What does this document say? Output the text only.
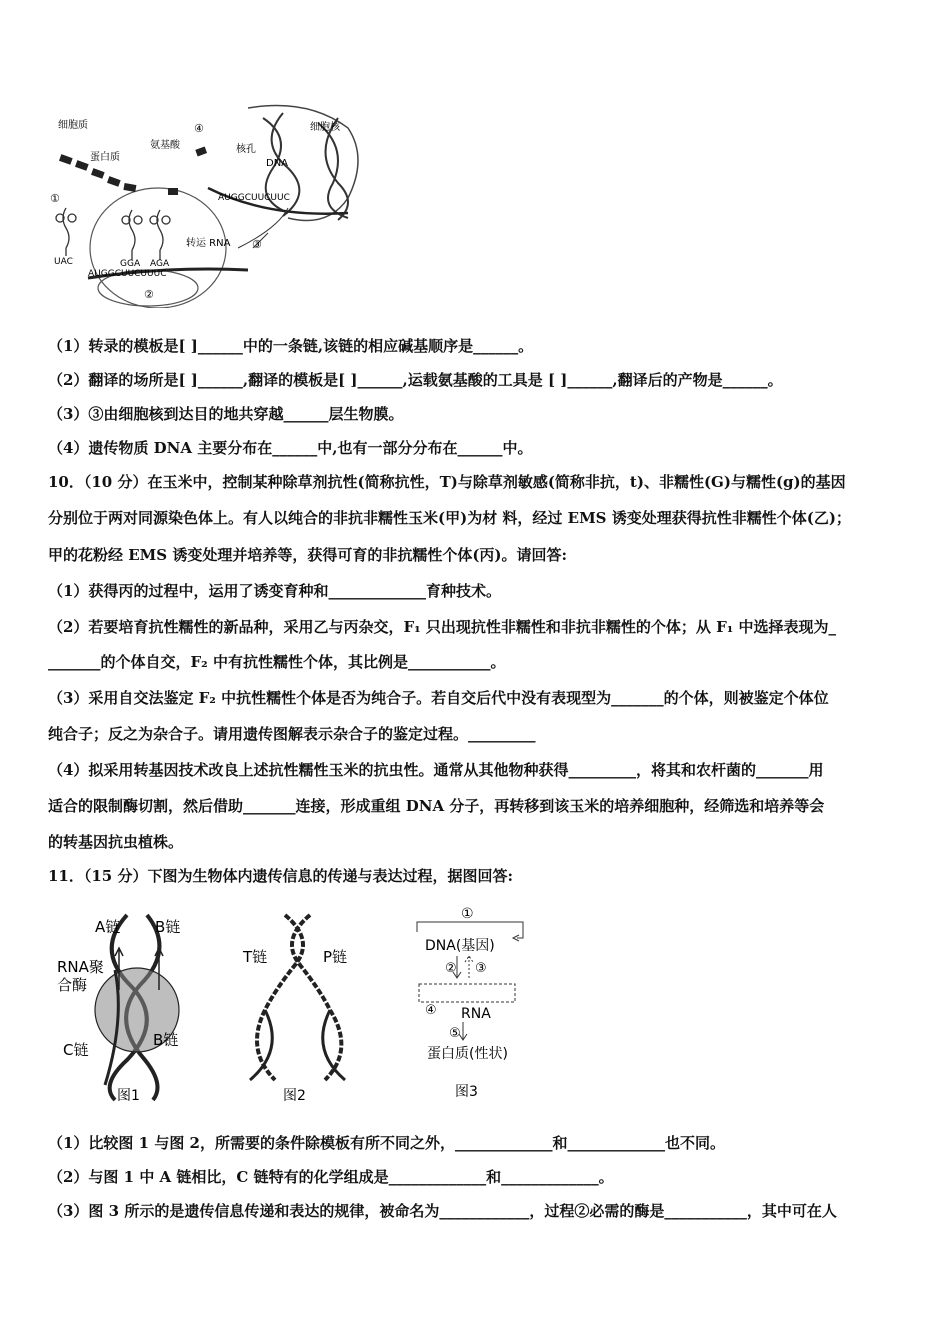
细胞质
蛋白质
氨基酸	核孔
细胞核
DNA
转运 RNA
AUGGCUUCUUC
AUGGCUUCUUUC
UAC	GGA AGA
①
②
③
④
（1）转录的模板是[ ]______中的一条链,该链的相应碱基顺序是______。
（2）翻译的场所是[ ]______,翻译的模板是[ ]______,运载氨基酸的工具是 [ ]______,翻译后的产物是______。
（3）③由细胞核到达目的地共穿越______层生物膜。
（4）遗传物质 DNA 主要分布在______中,也有一部分分布在______中。
10．（10 分）在玉米中，控制某种除草剂抗性(简称抗性，T)与除草剂敏感(简称非抗，t)、非糯性(G)与糯性(g)的基因
分别位于两对同源染色体上。有人以纯合的非抗非糯性玉米(甲)为材 料，经过 EMS 诱变处理获得抗性非糯性个体(乙)；
甲的花粉经 EMS 诱变处理并培养等，获得可育的非抗糯性个体(丙)。请回答:
（1）获得丙的过程中，运用了诱变育种和_____________育种技术。
（2）若要培育抗性糯性的新品种，采用乙与丙杂交，F₁ 只出现抗性非糯性和非抗非糯性的个体；从 F₁ 中选择表现为_
_______的个体自交，F₂ 中有抗性糯性个体，其比例是___________。
（3）采用自交法鉴定 F₂ 中抗性糯性个体是否为纯合子。若自交后代中没有表现型为_______的个体，则被鉴定个体位
纯合子；反之为杂合子。请用遗传图解表示杂合子的鉴定过程。_________
（4）拟采用转基因技术改良上述抗性糯性玉米的抗虫性。通常从其他物种获得_________，将其和农杆菌的_______用
适合的限制酶切割，然后借助_______连接，形成重组 DNA 分子，再转移到该玉米的培养细胞种，经筛选和培养等会
的转基因抗虫植株。
11．（15 分）下图为生物体内遗传信息的传递与表达过程，据图回答:
A链 B链
RNA聚
合酶
C链
B链
图1
T链	P链
图2
①
DNA(基因)
② ③
④ RNA
⑤
蛋白质(性状)
图3
（1）比较图 1 与图 2，所需要的条件除模板有所不同之外，_____________和_____________也不同。
（2）与图 1 中 A 链相比，C 链特有的化学组成是_____________和_____________。
（3）图 3 所示的是遗传信息传递和表达的规律，被命名为____________，过程②必需的酶是___________，其中可在人
